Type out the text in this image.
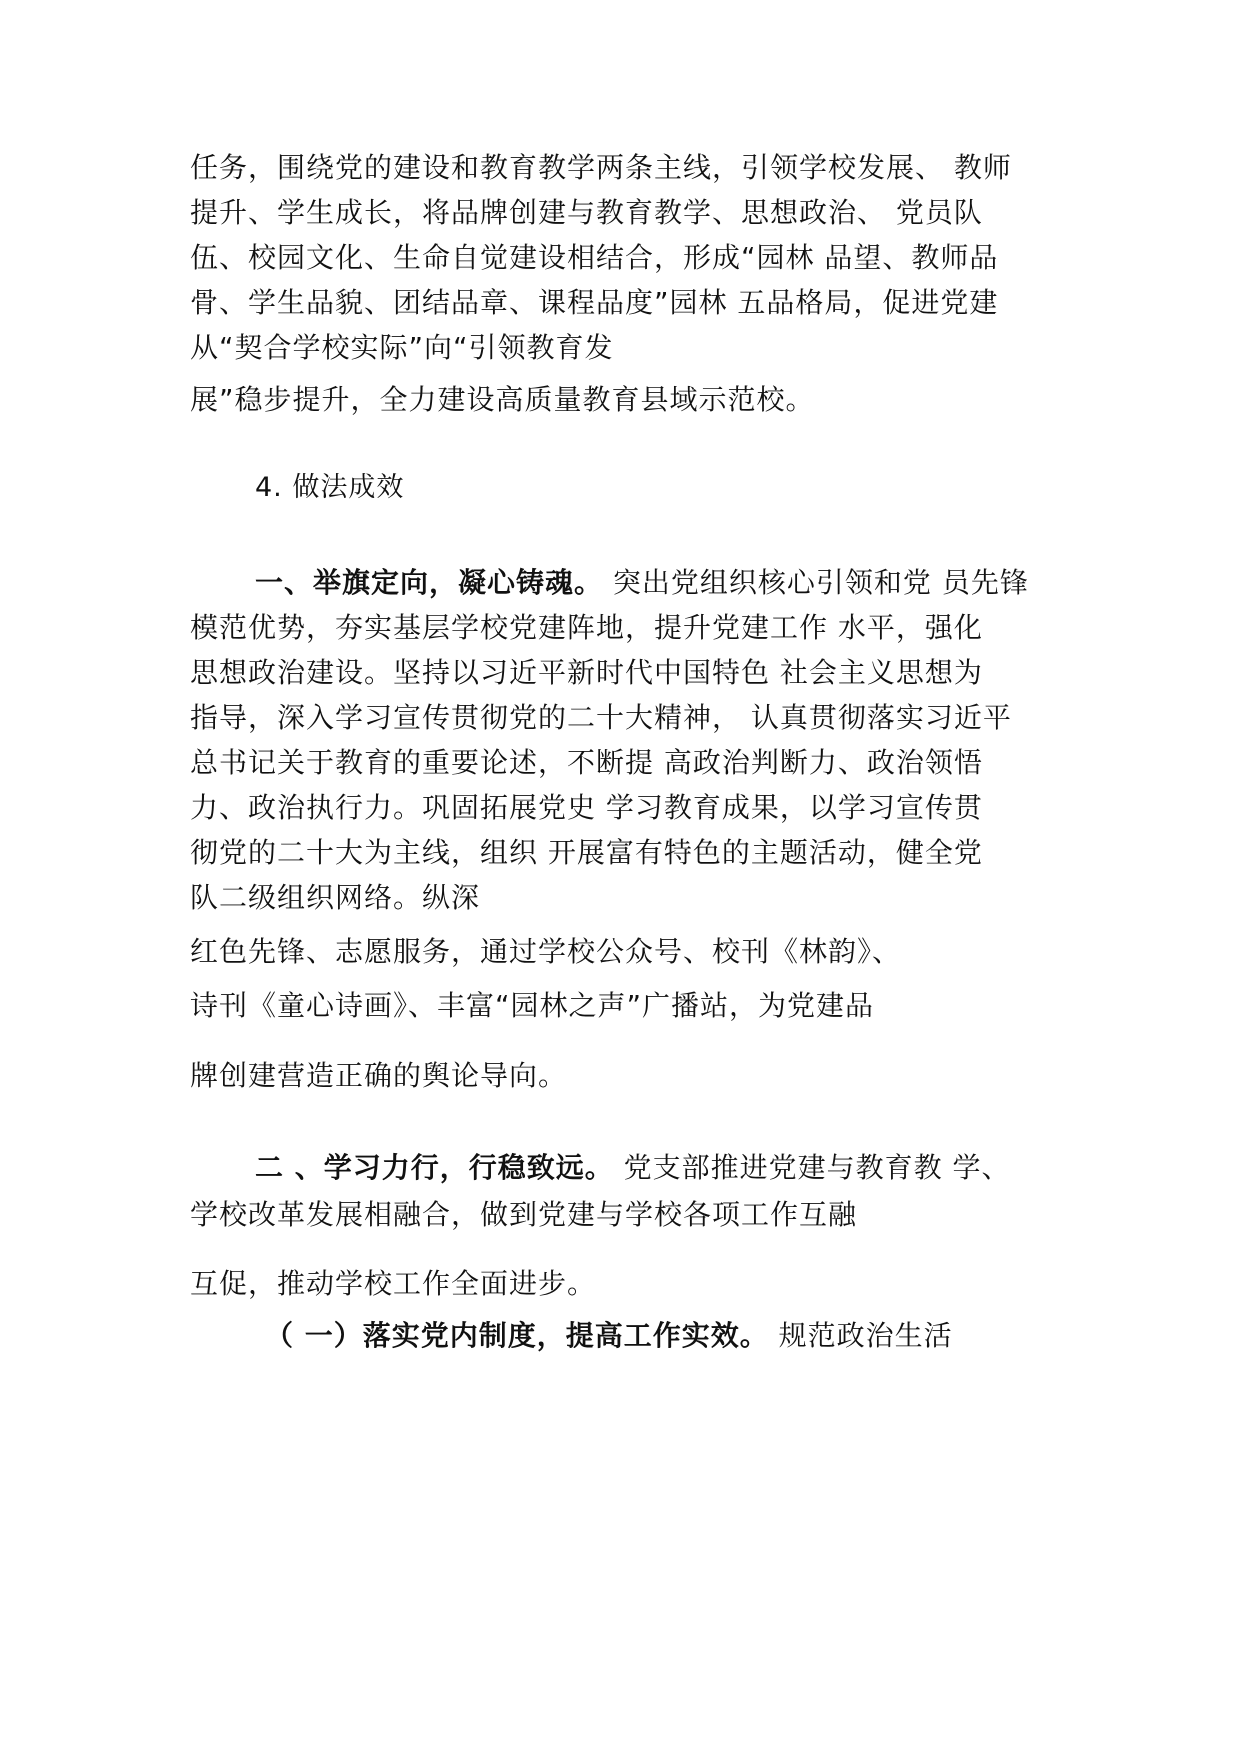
任务，围绕党的建设和教育教学两条主线，引领学校发展、 教师
提升、学生成长，将品牌创建与教育教学、思想政治、 党员队
伍、校园文化、生命自觉建设相结合，形成“园林 品望、教师品
骨、学生品貌、团结品章、课程品度”园林 五品格局，促进党建
从“契合学校实际”向“引领教育发
展”稳步提升，全力建设高质量教育县域示范校。
4. 做法成效
一、举旗定向，凝心铸魂。 突出党组织核心引领和党 员先锋
模范优势，夯实基层学校党建阵地，提升党建工作 水平，强化
思想政治建设。坚持以习近平新时代中国特色 社会主义思想为
指导，深入学习宣传贯彻党的二十大精神， 认真贯彻落实习近平
总书记关于教育的重要论述，不断提 高政治判断力、政治领悟
力、政治执行力。巩固拓展党史 学习教育成果，以学习宣传贯
彻党的二十大为主线，组织 开展富有特色的主题活动，健全党
队二级组织网络。纵深
红色先锋、志愿服务，通过学校公众号、校刊《林韵》、
诗刊《童心诗画》、丰富“园林之声”广播站，为党建品
牌创建营造正确的舆论导向。
二 、学习力行，行稳致远。 党支部推进党建与教育教 学、
学校改革发展相融合，做到党建与学校各项工作互融
互促，推动学校工作全面进步。
（ 一）落实党内制度，提高工作实效。 规范政治生活
